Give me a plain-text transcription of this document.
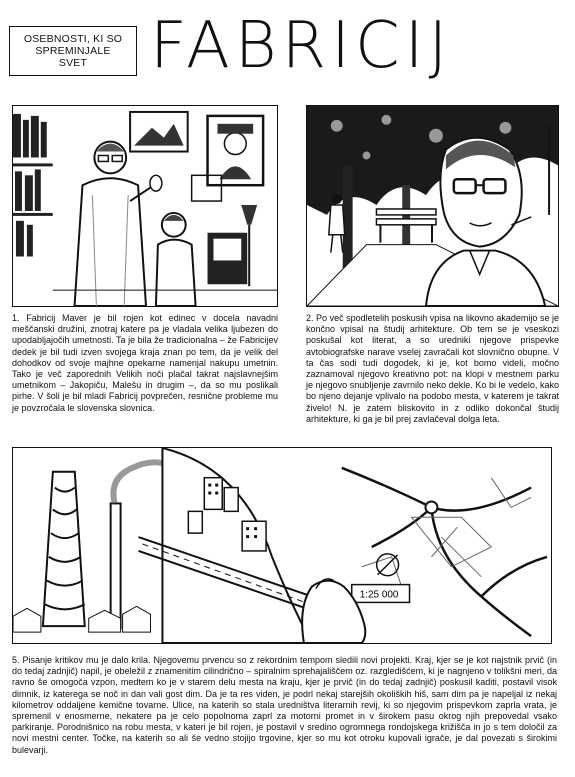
OSEBNOSTI, KI SO
SPREMINJALE
SVET FABRICIJ

1. Fabricij Maver je bil rojen kot edinec v docela navadni meščanski družini, znotraj katere pa je vladala velika ljubezen do upodabljajočih umetnosti. Ta je bila že tradicionalna – že Fabricijev dedek je bil tudi izven svojega kraja znan po tem, da je velik del dohodkov od svoje majhne opekarne namenjal nakupu umetnin. Tako je več zaporednih Velikih noči plačal takrat najslavnejšim umetnikom – Jakopiču, Malešu in drugim –, da so mu poslikali pirhe. V šoli je bil mladi Fabricij povprečen, resnične probleme mu je povzročala le slovenska slovnica.

2. Po več spodletelih poskusih vpisa na likovno akademijo se je končno vpisal na študij arhitekture. Ob tem se je vseskozi poskušal kot literat, a so uredniki njegove prispevke avtobiografske narave vselej zavračali kot slovnično obupne. V ta čas sodi tudi dogodek, ki je, kot bomo videli, močno zaznamoval njegovo kreativno pot: na klopi v mestnem parku je njegovo snubljenje zavrnilo neko dekle. Ko bi le vedelo, kako bo njeno dejanje vplivalo na podobo mesta, v katerem je takrat živelo! N. je zatem bliskovito in z odliko dokončal študij arhitekture, ki ga je bil prej zavlačeval dolga leta.

1:25 000

5. Pisanje kritikov mu je dalo krila. Njegovemu prvencu so z rekordnim tempom sledili novi projekti. Kraj, kjer se je kot najstnik prvič (in do tedaj zadnjič) napil, je obeležil z znamenitim cilindrično – spiralnim sprehajališčem oz. razgledišćem, ki je nagnjeno v tolikšni meri, da ravno še omogoča vzpon, medtem ko je v starem delu mesta na kraju, kjer je prvič (in do tedaj zadnjič) poskusil kaditi, postavil visok dimnik, iz katerega se noč in dan vali gost dim. Da je ta res viden, je podrl nekaj starejših okoliških hiš, sam dim pa je napeljal iz nekaj kilometrov oddaljene kemične tovarne. Ulice, na katerih so stala uredništva literarnih revij, ki so njegovim prispevkom zaprla vrata, je spremenil v enosmerne, nekatere pa je celo popolnoma zaprl za motorni promet in v širokem pasu okrog njih prepovedal vsako parkiranje. Porodnišnico na robu mesta, v kateri je bil rojen, je postavil v sredino ogromnega rondojskega križišča in jo s tem določil za novi mestni center. Točke, na katerih so ali še vedno stojijo trgovine, kjer so mu kot otroku kupovali igrače, je dal povezati s širokimi bulevarji.
